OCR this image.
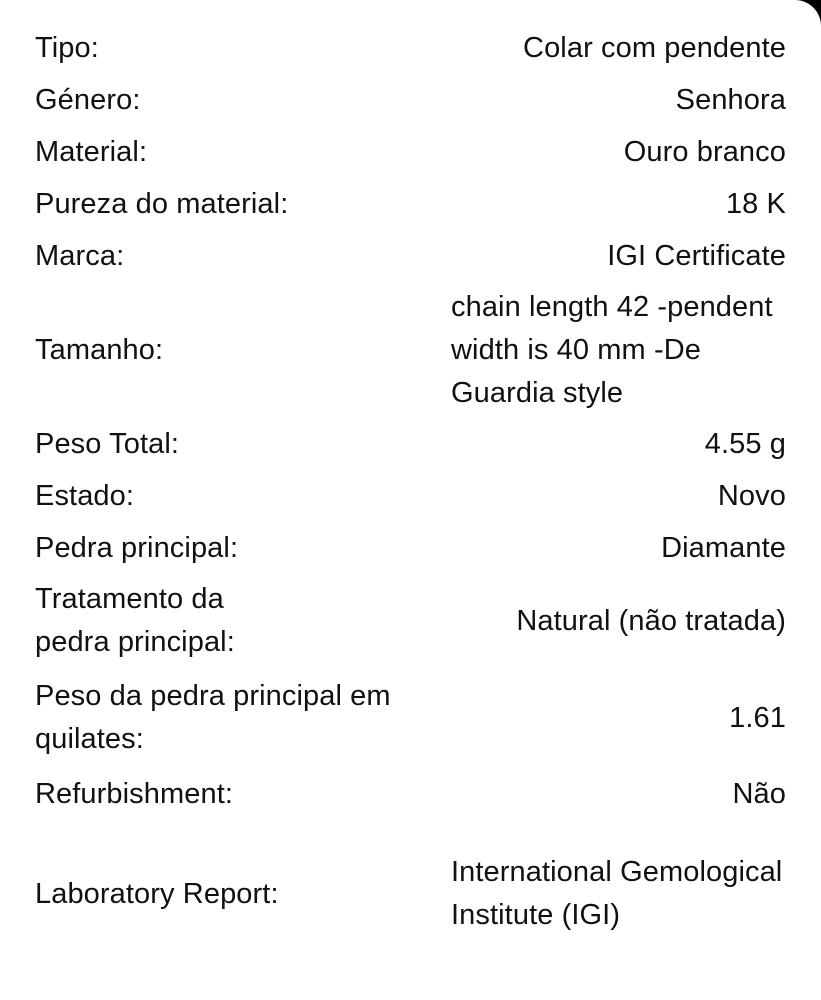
Tipo:	Colar com pendente
Género:	Senhora
Material:	Ouro branco
Pureza do material:	18 K
Marca:	IGI Certificate
Tamanho:
chain length 42 -pendent width is 40 mm -De Guardia style
Peso Total:	4.55 g
Estado:	Novo
Pedra principal:	Diamante
Tratamento da pedra principal:
Natural (não tratada)
Peso da pedra principal em quilates:
1.61
Refurbishment:	Não
Laboratory Report:
International Gemological Institute (IGI)
